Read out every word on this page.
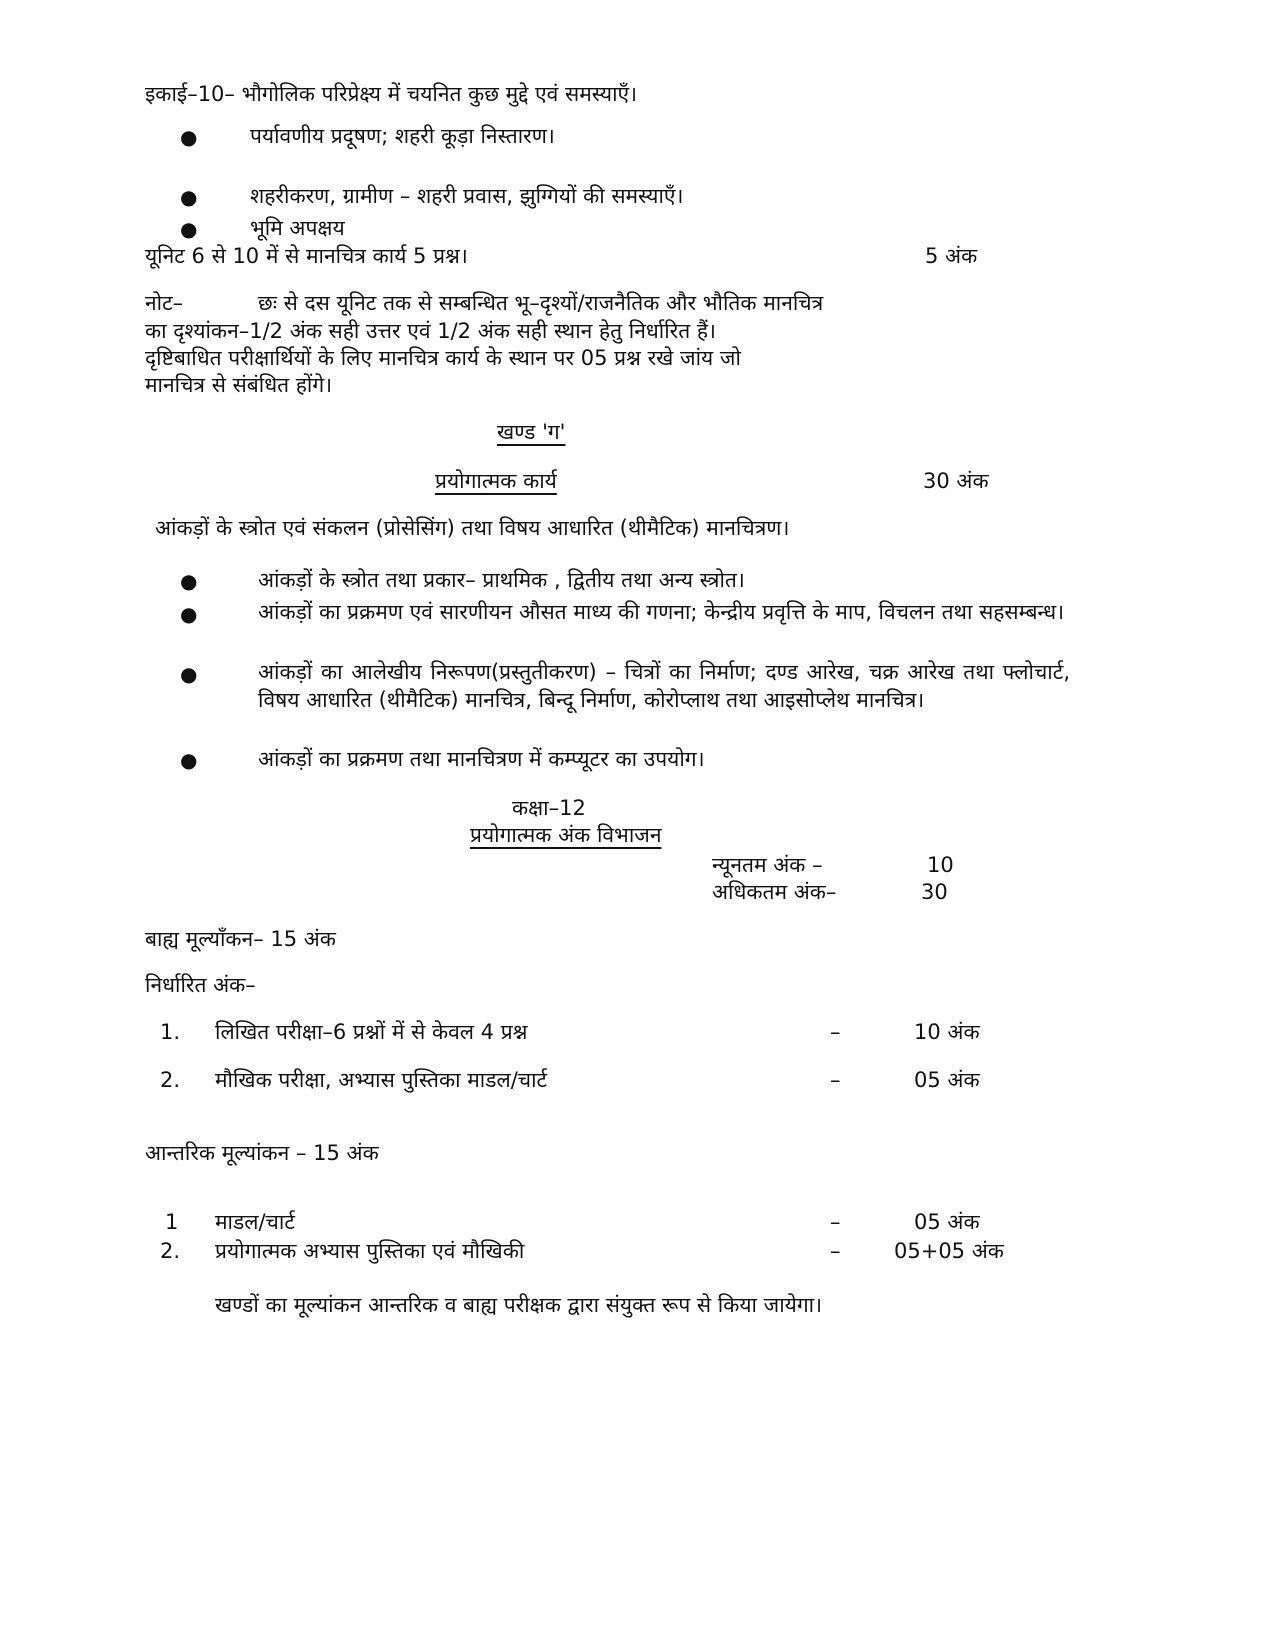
इकाई–10– भौगोलिक परिप्रेक्ष्य में चयनित कुछ मुद्दे एवं समस्याएँ।
●	पर्यावणीय प्रदूषण; शहरी कूड़ा निस्तारण।
●	शहरीकरण, ग्रामीण – शहरी प्रवास, झुग्गियों की समस्याएँ।
●	भूमि अपक्षय
यूनिट 6 से 10 में से मानचित्र कार्य 5 प्रश्न।	5 अंक
नोट–	छः से दस यूनिट तक से सम्बन्धित भू–दृश्यों/राजनैतिक और भौतिक मानचित्र
का दृश्यांकन–1/2 अंक सही उत्तर एवं 1/2 अंक सही स्थान हेतु निर्धारित हैं।
दृष्टिबाधित परीक्षार्थियों के लिए मानचित्र कार्य के स्थान पर 05 प्रश्न रखे जांय जो
मानचित्र से संबंधित होंगे।
खण्ड 'ग'
प्रयोगात्मक कार्य	30 अंक
आंकड़ों के स्त्रोत एवं संकलन (प्रोसेसिंग) तथा विषय आधारित (थीमैटिक) मानचित्रण।
●	आंकड़ों के स्त्रोत तथा प्रकार– प्राथमिक , द्वितीय तथा अन्य स्त्रोत।
●	आंकड़ों का प्रक्रमण एवं सारणीयन औसत माध्य की गणना; केन्द्रीय प्रवृत्ति के माप, विचलन तथा सहसम्बन्ध।
●	आंकड़ों का आलेखीय निरूपण(प्रस्तुतीकरण) – चित्रों का निर्माण; दण्ड आरेख, चक्र आरेख तथा फ्लोचार्ट, विषय आधारित (थीमैटिक) मानचित्र, बिन्दू निर्माण, कोरोप्लाथ तथा आइसोप्लेथ मानचित्र।
●	आंकड़ों का प्रक्रमण तथा मानचित्रण में कम्प्यूटर का उपयोग।
कक्षा–12
प्रयोगात्मक अंक विभाजन
न्यूनतम अंक –	10
अधिकतम अंक–	30
बाह्य मूल्याँकन– 15 अंक
निर्धारित अंक–
1. लिखित परीक्षा–6 प्रश्नों में से केवल 4 प्रश्न	–	10 अंक
2. मौखिक परीक्षा, अभ्यास पुस्तिका माडल/चार्ट	–	05 अंक
आन्तरिक मूल्यांकन – 15 अंक
1 माडल/चार्ट	–	05 अंक
2. प्रयोगात्मक अभ्यास पुस्तिका एवं मौखिकी	–	05+05 अंक
खण्डों का मूल्यांकन आन्तरिक व बाह्य परीक्षक द्वारा संयुक्त रूप से किया जायेगा।
